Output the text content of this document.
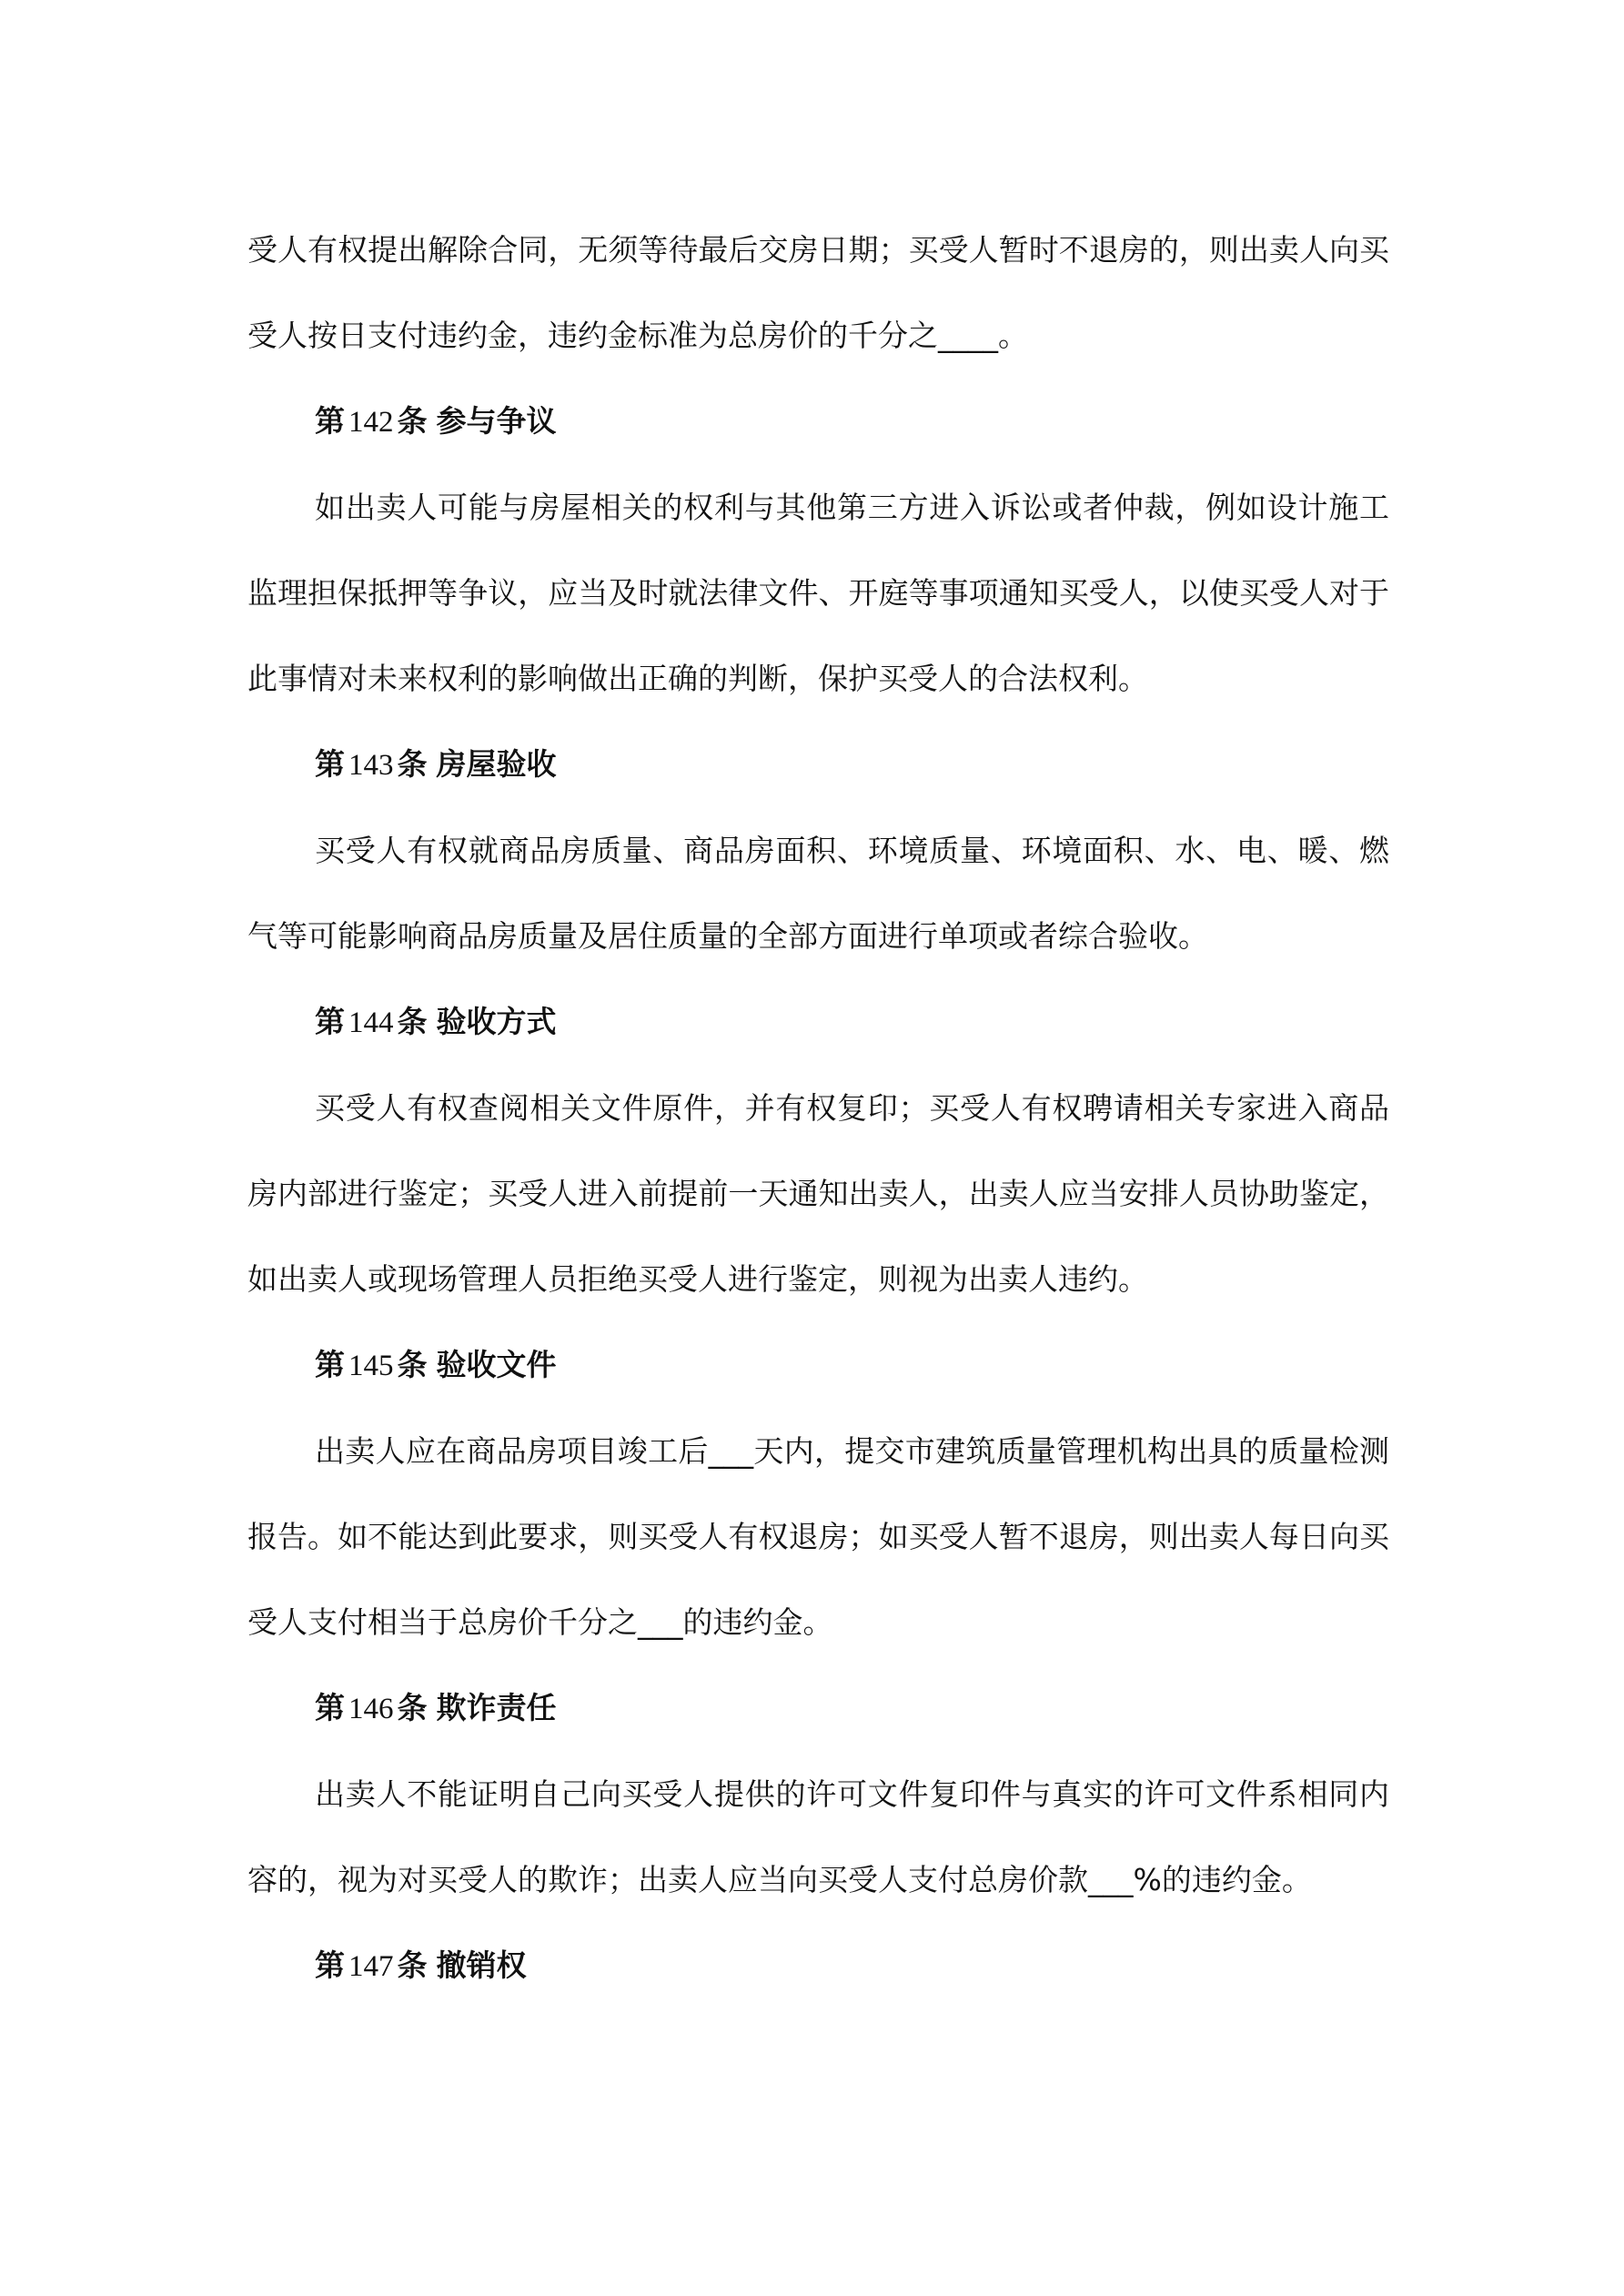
受人有权提出解除合同，无须等待最后交房日期；买受人暂时不退房的，则出卖人向买受人按日支付违约金，违约金标准为总房价的千分之____。

第 142 条 参与争议

如出卖人可能与房屋相关的权利与其他第三方进入诉讼或者仲裁，例如设计施工监理担保抵押等争议，应当及时就法律文件、开庭等事项通知买受人，以使买受人对于此事情对未来权利的影响做出正确的判断，保护买受人的合法权利。

第 143 条 房屋验收

买受人有权就商品房质量、商品房面积、环境质量、环境面积、水、电、暖、燃气等可能影响商品房质量及居住质量的全部方面进行单项或者综合验收。

第 144 条 验收方式

买受人有权查阅相关文件原件，并有权复印；买受人有权聘请相关专家进入商品房内部进行鉴定；买受人进入前提前一天通知出卖人，出卖人应当安排人员协助鉴定，如出卖人或现场管理人员拒绝买受人进行鉴定，则视为出卖人违约。

第 145 条 验收文件

出卖人应在商品房项目竣工后___天内，提交市建筑质量管理机构出具的质量检测报告。如不能达到此要求，则买受人有权退房；如买受人暂不退房，则出卖人每日向买受人支付相当于总房价千分之___的违约金。

第 146 条 欺诈责任

出卖人不能证明自己向买受人提供的许可文件复印件与真实的许可文件系相同内容的，视为对买受人的欺诈；出卖人应当向买受人支付总房价款___%的违约金。

第 147 条 撤销权
